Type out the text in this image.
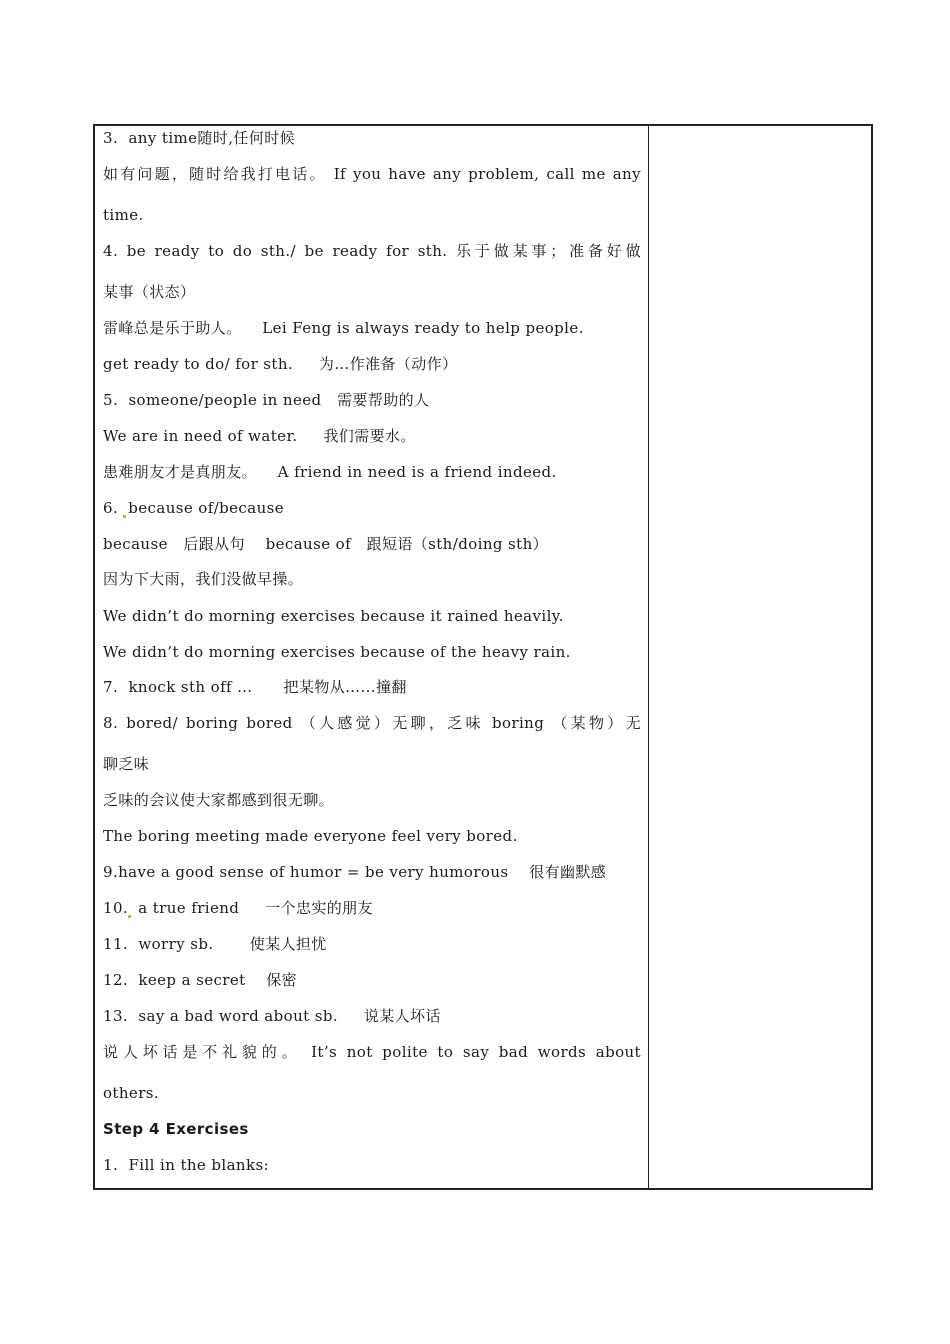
3.  any time随时,任何时候
如有问题，随时给我打电话。 If you have any problem, call me any
time.
4. be ready to do sth./ be ready for sth. 乐于做某事；准备好做
某事（状态）
雷峰总是乐于助人。    Lei Feng is always ready to help people.
get ready to do/ for sth.     为…作准备（动作）
5.  someone/people in need   需要帮助的人
We are in need of water.     我们需要水。
患难朋友才是真朋友。    A friend in need is a friend indeed.
6. because of/because
because   后跟从句    because of   跟短语（sth/doing sth）
因为下大雨，我们没做早操。
We didn’t do morning exercises because it rained heavily.
We didn’t do morning exercises because of the heavy rain.
7.  knock sth off …      把某物从……撞翻
8. bored/ boring bored （人感觉）无聊，乏味 boring （某物）无
聊乏味
乏味的会议使大家都感到很无聊。
The boring meeting made everyone feel very bored.
9.have a good sense of humor = be very humorous    很有幽默感
10. a true friend     一个忠实的朋友
11.  worry sb.       使某人担忧
12.  keep a secret    保密
13.  say a bad word about sb.     说某人坏话
说人坏话是不礼貌的。 It’s not polite to say bad words about
others.
Step 4 Exercises
1.  Fill in the blanks:
